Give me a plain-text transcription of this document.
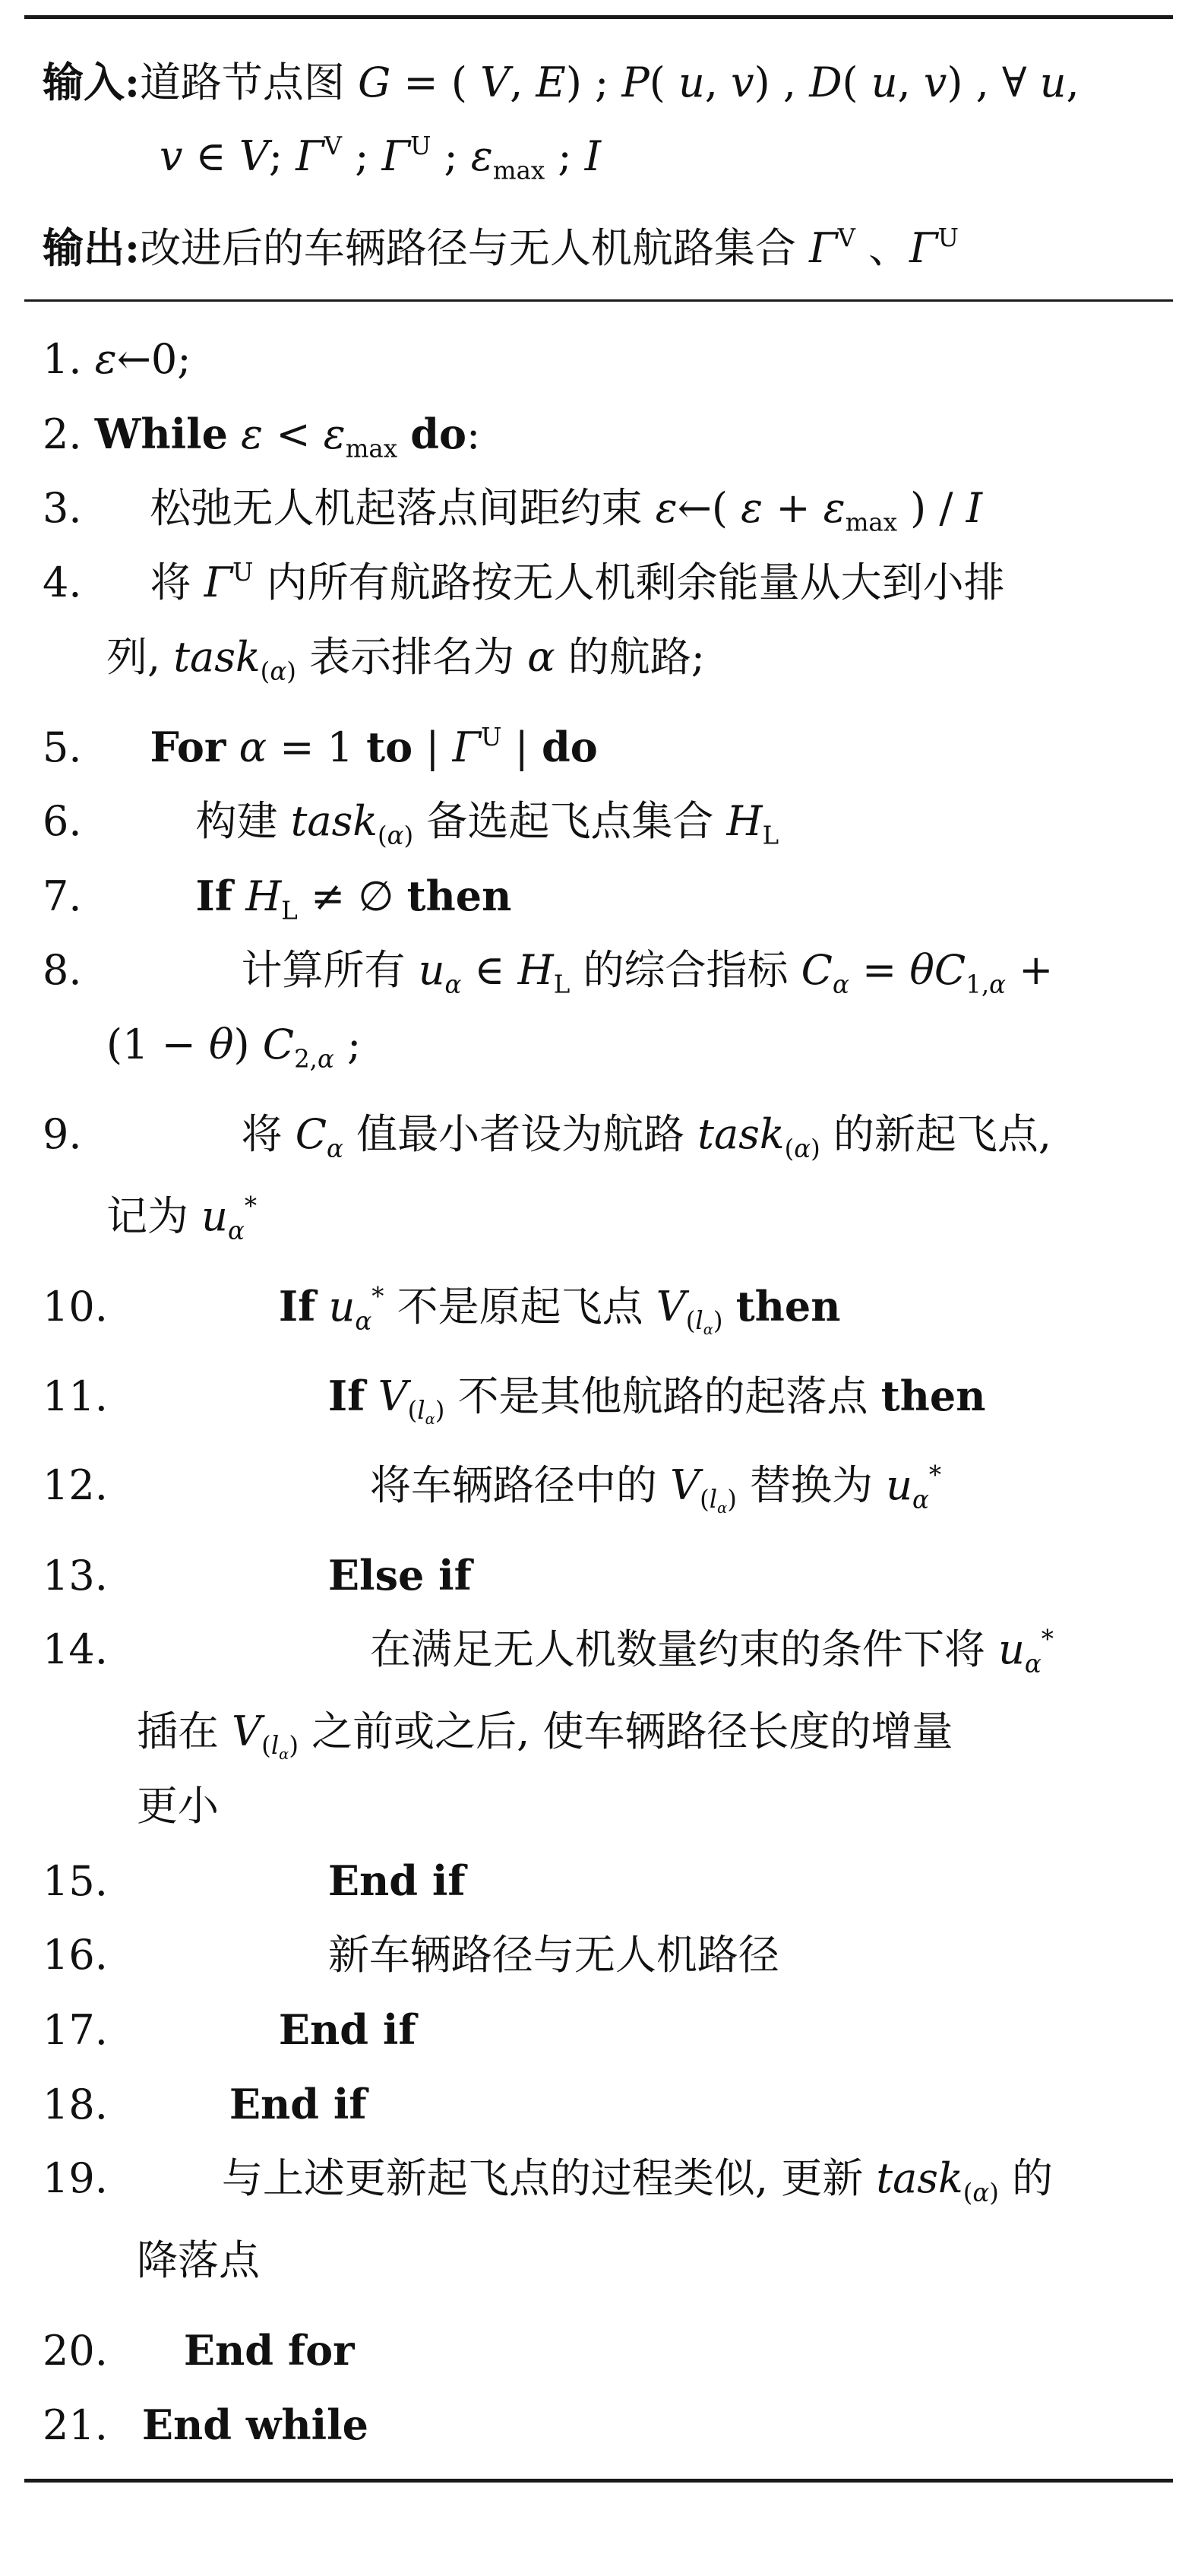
输入:道路节点图 G = ( V, E) ; P( u, v) , D( u, v) , ∀ u,
v ∈ V; $\Gamma^V$ ; $\Gamma^U$ ; $\varepsilon_{max}$ ; I
输出:改进后的车辆路径与无人机航路集合 $\Gamma^V$ 、$\Gamma^U$
1. ε←0;
2. While $\varepsilon < \varepsilon_{max}$ do:
3. 松弛无人机起落点间距约束 ε←( $\varepsilon + \varepsilon_{max}$ ) / I
4. 将 $\Gamma^U$ 内所有航路按无人机剩余能量从大到小排
列, task$_{(\alpha)}$ 表示排名为 α 的航路;
5. For α = 1 to | $\Gamma^U$ | do
6.	构建 task$_{(\alpha)}$ 备选起飞点集合 $H_L$
7.	If $H_L$ ≠ ∅ then
8.	计算所有 $u_\alpha$ ∈ $H_L$ 的综合指标 $C_\alpha = \theta C_{1,\alpha}$ +
(1 − θ) $C_{2,\alpha}$ ;
9.	将 $C_\alpha$ 值最小者设为航路 task$_{(\alpha)}$ 的新起飞点,
记为 $u_\alpha^*$
10.	If $u_\alpha^*$ 不是原起飞点 $V_{(l_\alpha)}$ then
11.	If $V_{(l_\alpha)}$ 不是其他航路的起落点 then
12.	将车辆路径中的 $V_{(l_\alpha)}$ 替换为 $u_\alpha^*$
13.	Else if
14.	在满足无人机数量约束的条件下将 $u_\alpha^*$
插在 $V_{(l_\alpha)}$ 之前或之后, 使车辆路径长度的增量
更小
15.	End if
16.	新车辆路径与无人机路径
17.	End if
18.	End if
19.	与上述更新起飞点的过程类似, 更新 task$_{(\alpha)}$ 的
降落点
20. End for
21. End while
